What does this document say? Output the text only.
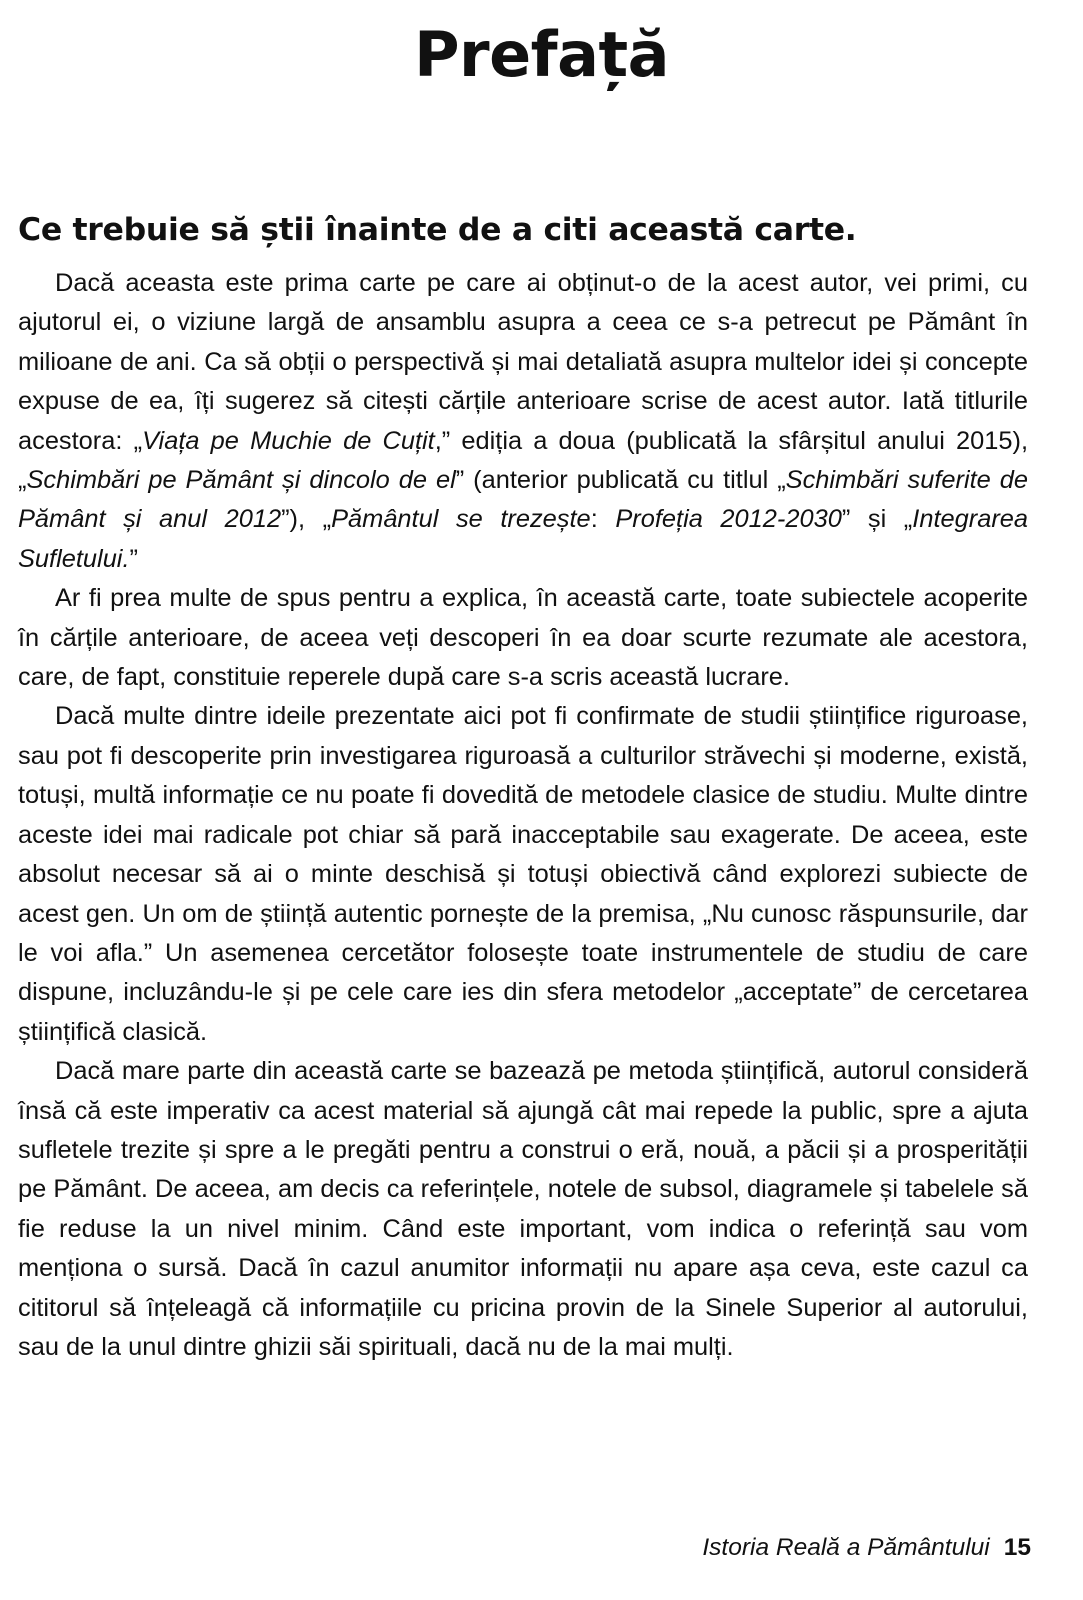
Prefață
Ce trebuie să știi înainte de a citi această carte.

Dacă aceasta este prima carte pe care ai obținut-o de la acest autor, vei primi, cu ajutorul ei, o viziune largă de ansamblu asupra a ceea ce s-a petrecut pe Pământ în milioane de ani. Ca să obții o perspectivă și mai detaliată asupra multelor idei și concepte expuse de ea, îți sugerez să citești cărțile anterioare scrise de acest autor. Iată titlurile acestora: „Viața pe Muchie de Cuțit,” ediția a doua (publicată la sfârșitul anului 2015), „Schimbări pe Pământ și dincolo de el” (anterior publicată cu titlul „Schimbări suferite de Pământ și anul 2012”), „Pământul se trezește: Profeția 2012-2030” și „Integrarea Sufletului.”

Ar fi prea multe de spus pentru a explica, în această carte, toate subiectele acoperite în cărțile anterioare, de aceea veți descoperi în ea doar scurte rezumate ale acestora, care, de fapt, constituie reperele după care s-a scris această lucrare.

Dacă multe dintre ideile prezentate aici pot fi confirmate de studii științifice riguroase, sau pot fi descoperite prin investigarea riguroasă a culturilor străvechi și moderne, există, totuși, multă informație ce nu poate fi dovedită de metodele clasice de studiu. Multe dintre aceste idei mai radicale pot chiar să pară inacceptabile sau exagerate. De aceea, este absolut necesar să ai o minte deschisă și totuși obiectivă când explorezi subiecte de acest gen. Un om de știință autentic pornește de la premisa, „Nu cunosc răspunsurile, dar le voi afla.” Un asemenea cercetător folosește toate instrumentele de studiu de care dispune, incluzându-le și pe cele care ies din sfera metodelor „acceptate” de cercetarea științifică clasică.

Dacă mare parte din această carte se bazează pe metoda științifică, autorul consideră însă că este imperativ ca acest material să ajungă cât mai repede la public, spre a ajuta sufletele trezite și spre a le pregăti pentru a construi o eră, nouă, a păcii și a prosperității pe Pământ. De aceea, am decis ca referințele, notele de subsol, diagramele și tabelele să fie reduse la un nivel minim. Când este important, vom indica o referință sau vom menționa o sursă. Dacă în cazul anumitor informații nu apare așa ceva, este cazul ca cititorul să înțeleagă că informațiile cu pricina provin de la Sinele Superior al autorului, sau de la unul dintre ghizii săi spirituali, dacă nu de la mai mulți.

Istoria Reală a Pământului 15
